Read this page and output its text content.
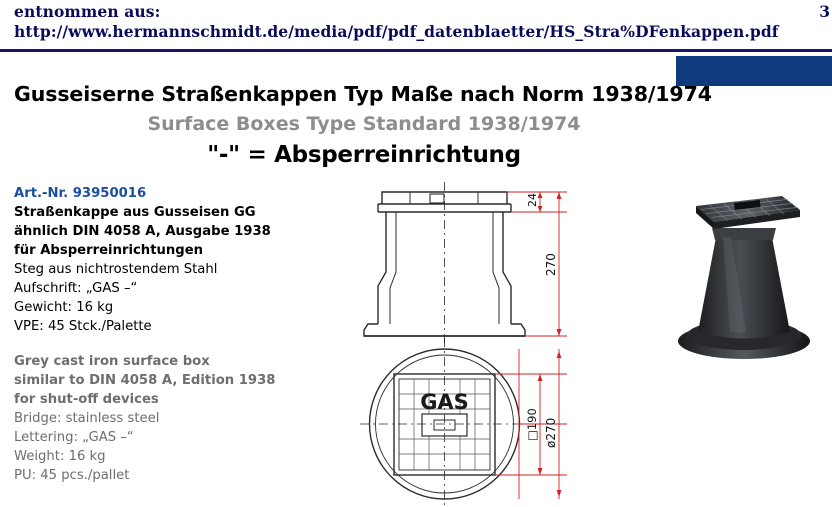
entnommen aus:
http://www.hermannschmidt.de/media/pdf/pdf_datenblaetter/HS_Stra%DFenkappen.pdf
3
Gusseiserne Straßenkappen Typ Maße nach Norm 1938/1974
Surface Boxes Type Standard 1938/1974
"-" = Absperreinrichtung
Art.-Nr. 93950016
Straßenkappe aus Gusseisen GG
ähnlich DIN 4058 A, Ausgabe 1938
für Absperreinrichtungen
Steg aus nichtrostendem Stahl
Aufschrift: „GAS –“
Gewicht: 16 kg
VPE: 45 Stck./Palette
Grey cast iron surface box
similar to DIN 4058 A, Edition 1938
for shut-off devices
Bridge: stainless steel
Lettering: „GAS –“
Weight: 16 kg
PU: 45 pcs./pallet
24
270
GAS
□190 ø270
